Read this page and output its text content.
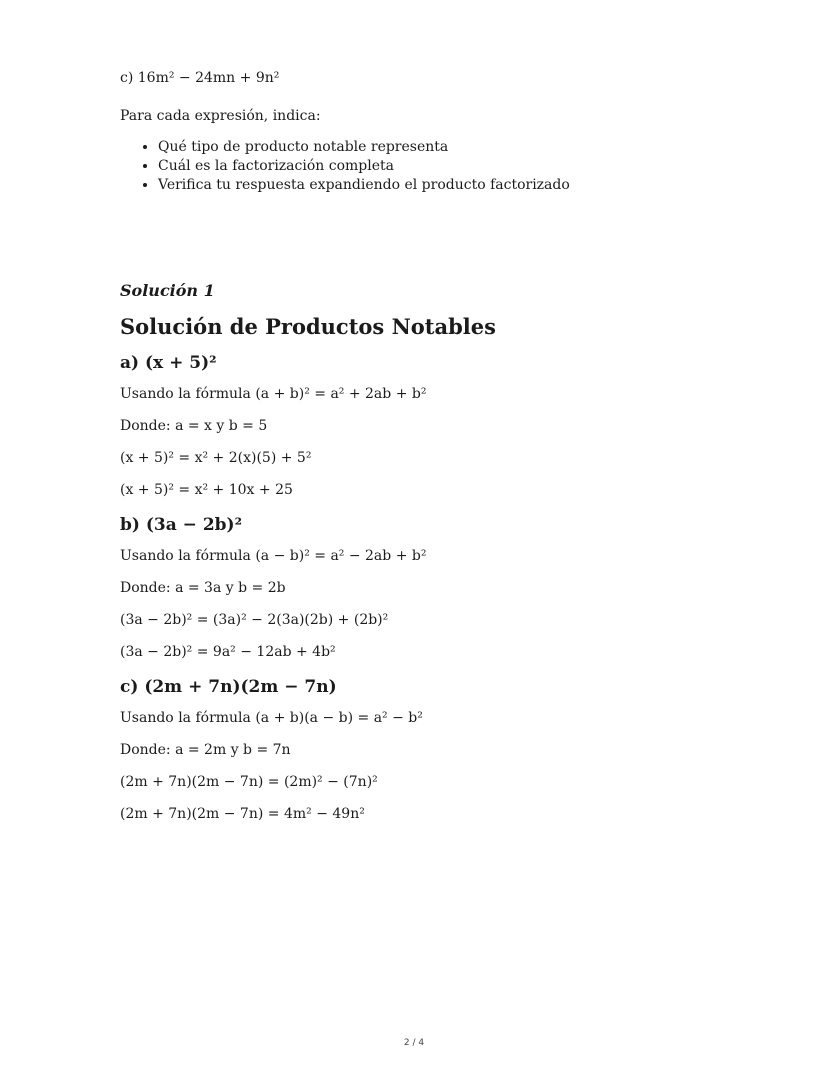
c) 16m² − 24mn + 9n²

Para cada expresión, indica:

• Qué tipo de producto notable representa
• Cuál es la factorización completa
• Verifica tu respuesta expandiendo el producto factorizado
Solución 1
Solución de Productos Notables
a) (x + 5)²
Usando la fórmula (a + b)² = a² + 2ab + b²
Donde: a = x y b = 5
(x + 5)² = x² + 2(x)(5) + 5²
(x + 5)² = x² + 10x + 25
b) (3a − 2b)²
Usando la fórmula (a − b)² = a² − 2ab + b²
Donde: a = 3a y b = 2b
(3a − 2b)² = (3a)² − 2(3a)(2b) + (2b)²
(3a − 2b)² = 9a² − 12ab + 4b²
c) (2m + 7n)(2m − 7n)
Usando la fórmula (a + b)(a − b) = a² − b²
Donde: a = 2m y b = 7n
(2m + 7n)(2m − 7n) = (2m)² − (7n)²
(2m + 7n)(2m − 7n) = 4m² − 49n²
2 / 4
